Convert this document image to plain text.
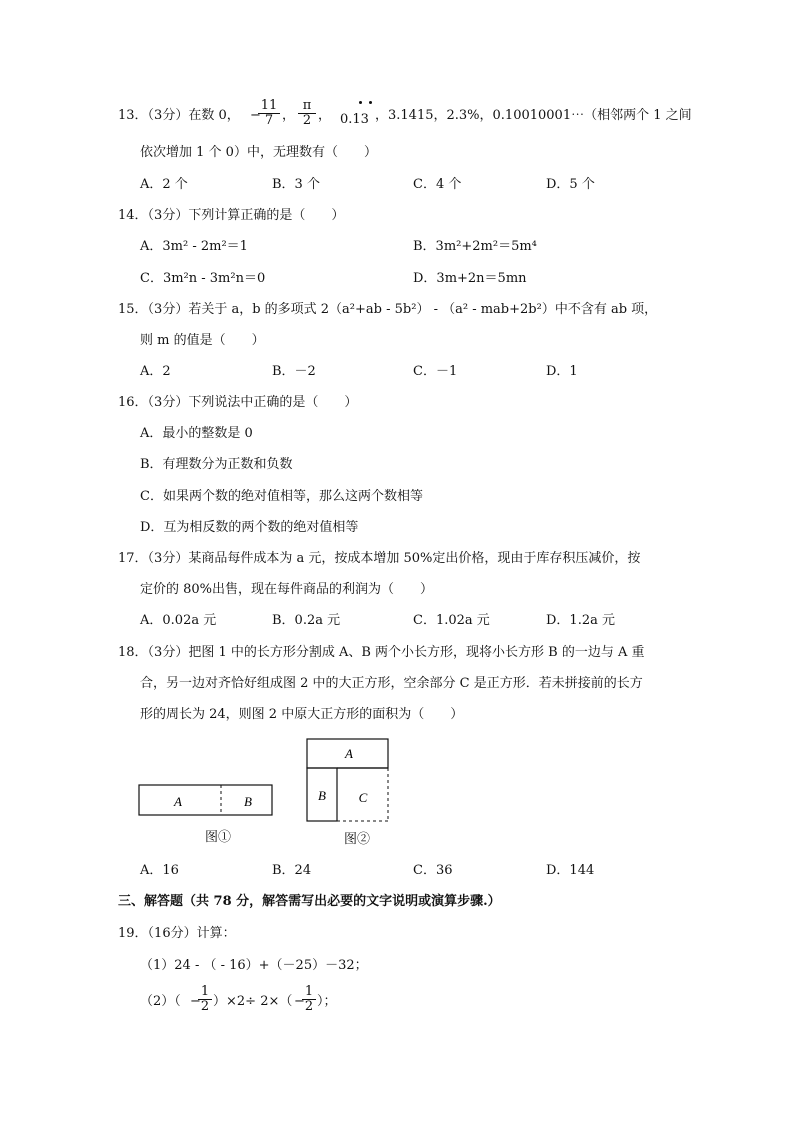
13．（3分）在数 0， −
$\frac{11}{7}$ ， $\frac{\pi}{2}$ ， 0.13 ，3.1415，2.3%，0.10010001⋯（相邻两个 1 之间
依次增加 1 个 0）中，无理数有（　　）
A．2 个	B．3 个	C．4 个	D．5 个
14．（3分）下列计算正确的是（　　）
A．3m² - 2m²＝1	B．3m²+2m²＝5m⁴
C．3m²n - 3m²n＝0	D．3m+2n＝5mn
15．（3分）若关于 a，b 的多项式 2（a²+ab - 5b²） - （a² - mab+2b²）中不含有 ab 项，
则 m 的值是（　　）
A．2	B．－2	C．－1	D．1
16．（3分）下列说法中正确的是（　　）
A．最小的整数是 0
B．有理数分为正数和负数
C．如果两个数的绝对值相等，那么这两个数相等
D．互为相反数的两个数的绝对值相等
17．（3分）某商品每件成本为 a 元，按成本增加 50%定出价格，现由于库存积压减价，按
定价的 80%出售，现在每件商品的利润为（　　）
A．0.02a 元	B．0.2a 元	C．1.02a 元	D．1.2a 元
18．（3分）把图 1 中的长方形分割成 A、B 两个小长方形，现将小长方形 B 的一边与 A 重
合，另一边对齐恰好组成图 2 中的大正方形，空余部分 C 是正方形．若未拼接前的长方
形的周长为 24，则图 2 中原大正方形的面积为（　　）
A	B
图①
A
B	C
图②
A．16	B．24	C．36	D．144
三、解答题（共 78 分，解答需写出必要的文字说明或演算步骤.）
19．（16分）计算：
（1）24 - （ - 16）+（－25）－32；
（2）（ −
$\frac{1}{2} )\times 2\div 2\times$（ −
$\frac{1}{2}$ ）；
